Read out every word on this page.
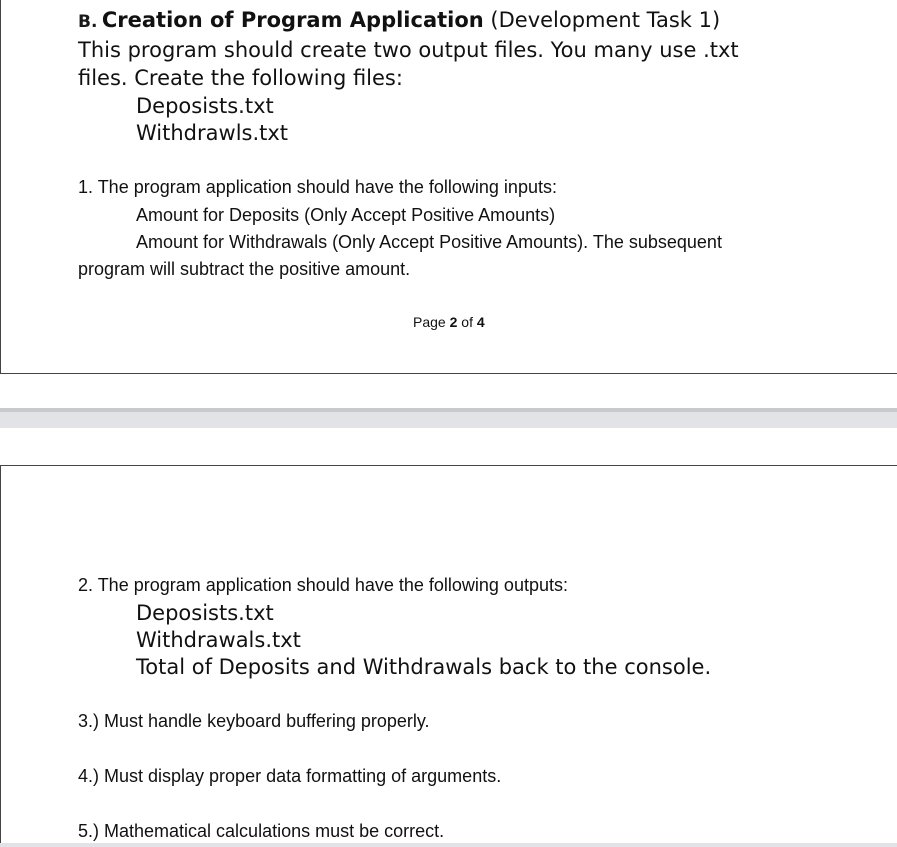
B. Creation of Program Application (Development Task 1)
This program should create two output files. You many use .txt
files. Create the following files:
Deposists.txt
Withdrawls.txt
1. The program application should have the following inputs:
Amount for Deposits (Only Accept Positive Amounts)
Amount for Withdrawals (Only Accept Positive Amounts). The subsequent
program will subtract the positive amount.
Page 2 of 4
2. The program application should have the following outputs:
Deposists.txt
Withdrawals.txt
Total of Deposits and Withdrawals back to the console.
3.) Must handle keyboard buffering properly.
4.) Must display proper data formatting of arguments.
5.) Mathematical calculations must be correct.
